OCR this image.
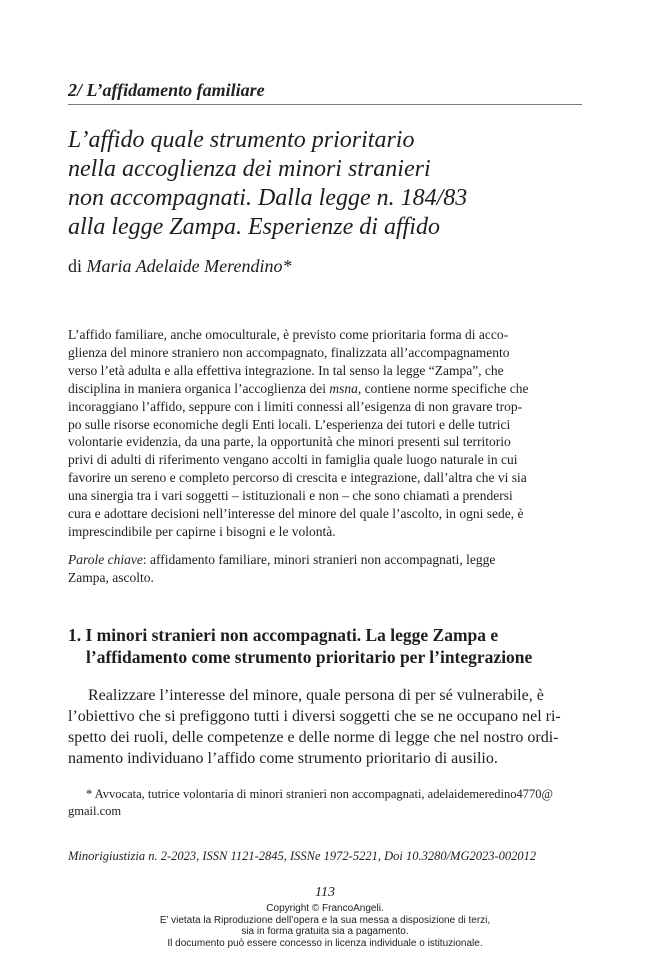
2/ L’affidamento familiare
L’affido quale strumento prioritario
nella accoglienza dei minori stranieri
non accompagnati. Dalla legge n. 184/83
alla legge Zampa. Esperienze di affido
di Maria Adelaide Merendino*
L’affido familiare, anche omoculturale, è previsto come prioritaria forma di acco-
glienza del minore straniero non accompagnato, finalizzata all’accompagnamento
verso l’età adulta e alla effettiva integrazione. In tal senso la legge “Zampa”, che
disciplina in maniera organica l’accoglienza dei msna, contiene norme specifiche che
incoraggiano l’affido, seppure con i limiti connessi all’esigenza di non gravare trop-
po sulle risorse economiche degli Enti locali. L’esperienza dei tutori e delle tutrici
volontarie evidenzia, da una parte, la opportunità che minori presenti sul territorio
privi di adulti di riferimento vengano accolti in famiglia quale luogo naturale in cui
favorire un sereno e completo percorso di crescita e integrazione, dall’altra che vi sia
una sinergia tra i vari soggetti – istituzionali e non – che sono chiamati a prendersi
cura e adottare decisioni nell’interesse del minore del quale l’ascolto, in ogni sede, è
imprescindibile per capirne i bisogni e le volontà.
Parole chiave: affidamento familiare, minori stranieri non accompagnati, legge
Zampa, ascolto.
1. I minori stranieri non accompagnati. La legge Zampa e
l’affidamento come strumento prioritario per l’integrazione
Realizzare l’interesse del minore, quale persona di per sé vulnerabile, è
l’obiettivo che si prefiggono tutti i diversi soggetti che se ne occupano nel ri-
spetto dei ruoli, delle competenze e delle norme di legge che nel nostro ordi-
namento individuano l’affido come strumento prioritario di ausilio.
* Avvocata, tutrice volontaria di minori stranieri non accompagnati, adelaidemeredino4770@
gmail.com
Minorigiustizia n. 2-2023, ISSN 1121-2845, ISSNe 1972-5221, Doi 10.3280/MG2023-002012
113
Copyright © FrancoAngeli.
E’ vietata la Riproduzione dell’opera e la sua messa a disposizione di terzi,
sia in forma gratuita sia a pagamento.
Il documento può essere concesso in licenza individuale o istituzionale.
